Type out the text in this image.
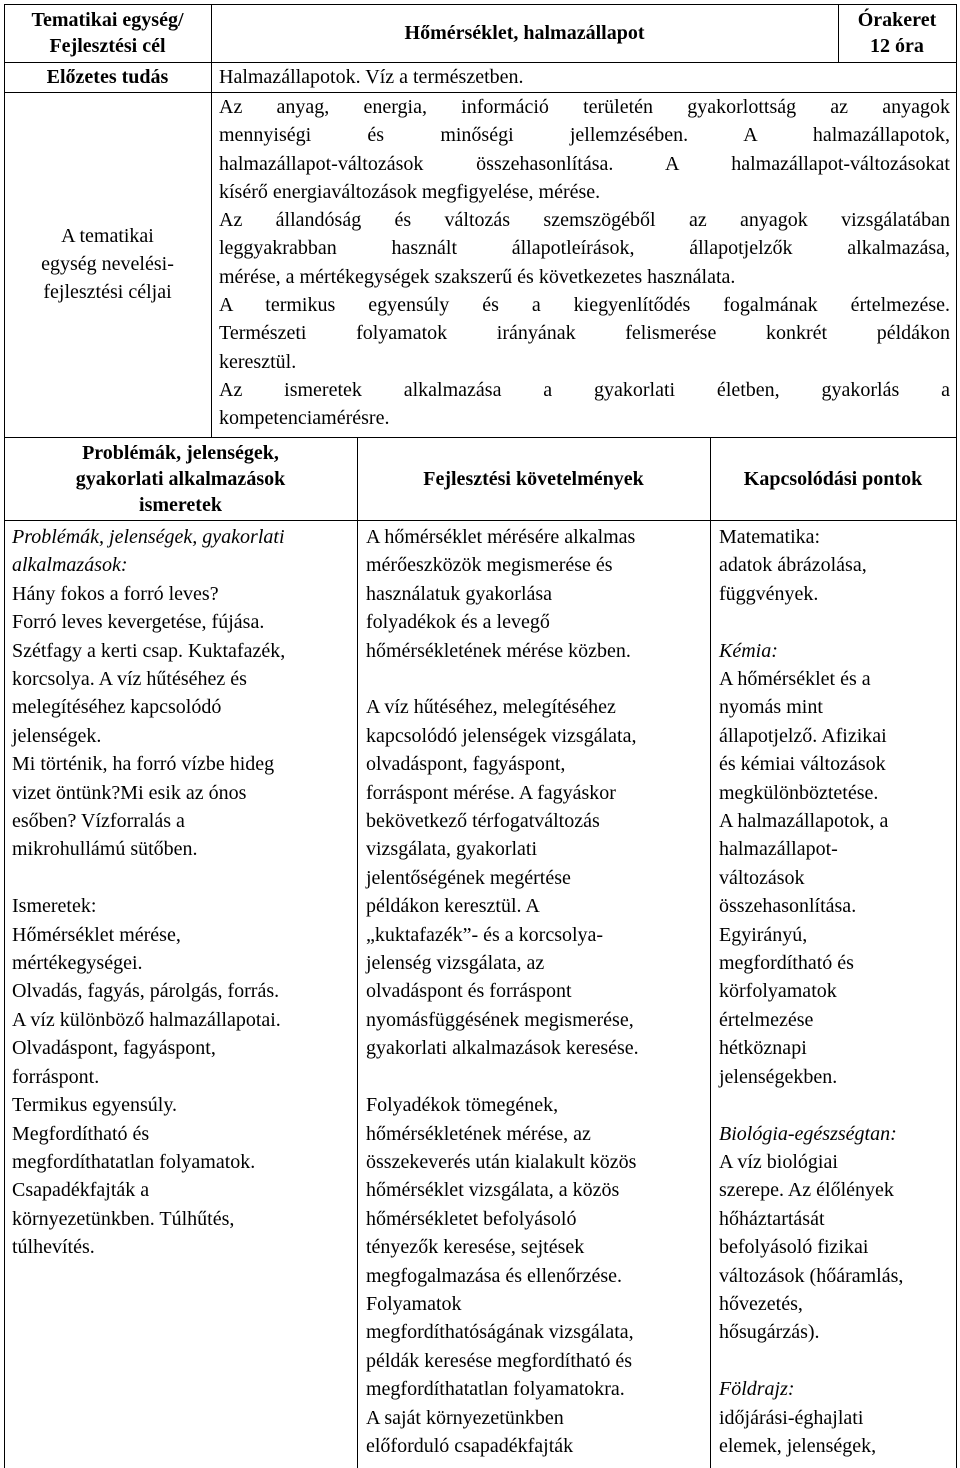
Tematikai egység/
Fejlesztési cél
Hőmérséklet, halmazállapot
Órakeret
12 óra
Előzetes tudás	Halmazállapotok. Víz a természetben.
A tematikai
egység nevelési-
fejlesztési céljai
Az anyag, energia, információ területén gyakorlottság az anyagok
mennyiségi és minőségi jellemzésében. A halmazállapotok,
halmazállapot-változások összehasonlítása. A halmazállapot-változásokat
kísérő energiaváltozások megfigyelése, mérése.
Az állandóság és változás szemszögéből az anyagok vizsgálatában
leggyakrabban használt állapotleírások, állapotjelzők alkalmazása,
mérése, a mértékegységek szakszerű és következetes használata.
A termikus egyensúly és a kiegyenlítődés fogalmának értelmezése.
Természeti folyamatok irányának felismerése konkrét példákon
keresztül.
Az ismeretek alkalmazása a gyakorlati életben, gyakorlás a
kompetenciamérésre.
Problémák, jelenségek,
gyakorlati alkalmazások
ismeretek
Fejlesztési követelmények	Kapcsolódási pontok
Problémák, jelenségek, gyakorlati
alkalmazások:
Hány fokos a forró leves?
Forró leves kevergetése, fújása.
Szétfagy a kerti csap. Kuktafazék,
korcsolya. A víz hűtéséhez és
melegítéséhez kapcsolódó
jelenségek.
Mi történik, ha forró vízbe hideg
vizet öntünk?Mi esik az ónos
esőben? Vízforralás a
mikrohullámú sütőben.
Ismeretek:
Hőmérséklet mérése,
mértékegységei.
Olvadás, fagyás, párolgás, forrás.
A víz különböző halmazállapotai.
Olvadáspont, fagyáspont,
forráspont.
Termikus egyensúly.
Megfordítható és
megfordíthatatlan folyamatok.
Csapadékfajták a
környezetünkben. Túlhűtés,
túlhevítés.
A hőmérséklet mérésére alkalmas
mérőeszközök megismerése és
használatuk gyakorlása
folyadékok és a levegő
hőmérsékletének mérése közben.
A víz hűtéséhez, melegítéséhez
kapcsolódó jelenségek vizsgálata,
olvadáspont, fagyáspont,
forráspont mérése. A fagyáskor
bekövetkező térfogatváltozás
vizsgálata, gyakorlati
jelentőségének megértése
példákon keresztül. A
„kuktafazék”- és a korcsolya-
jelenség vizsgálata, az
olvadáspont és forráspont
nyomásfüggésének megismerése,
gyakorlati alkalmazások keresése.
Folyadékok tömegének,
hőmérsékletének mérése, az
összekeverés után kialakult közös
hőmérséklet vizsgálata, a közös
hőmérsékletet befolyásoló
tényezők keresése, sejtések
megfogalmazása és ellenőrzése.
Folyamatok
megfordíthatóságának vizsgálata,
példák keresése megfordítható és
megfordíthatatlan folyamatokra.
A saját környezetünkben
előforduló csapadékfajták
Matematika:
adatok ábrázolása,
függvények.
Kémia:
A hőmérséklet és a
nyomás mint
állapotjelző. Afizikai
és kémiai változások
megkülönböztetése.
A halmazállapotok, a
halmazállapot-
változások
összehasonlítása.
Egyirányú,
megfordítható és
körfolyamatok
értelmezése
hétköznapi
jelenségekben.
Biológia-egészségtan:
A víz biológiai
szerepe. Az élőlények
hőháztartását
befolyásoló fizikai
változások (hőáramlás,
hővezetés,
hősugárzás).
Földrajz:
időjárási-éghajlati
elemek, jelenségek,
